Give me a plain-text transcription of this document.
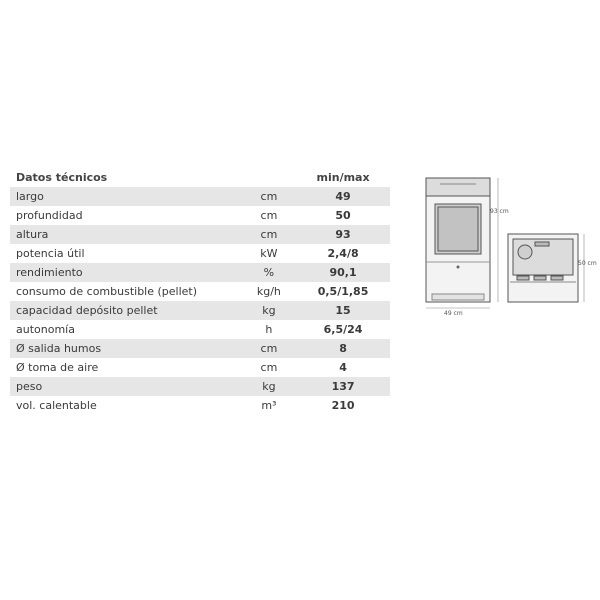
Datos técnicos		min/max
largo	cm	49
profundidad	cm	50
altura	cm	93
potencia útil	kW	2,4/8
rendimiento	%	90,1
consumo de combustible (pellet)	kg/h	0,5/1,85
capacidad depósito pellet	kg	15
autonomía	h	6,5/24
Ø salida humos	cm	8
Ø toma de aire	cm	4
peso	kg	137
vol. calentable	m³	210
93 cm
49 cm
50 cm
